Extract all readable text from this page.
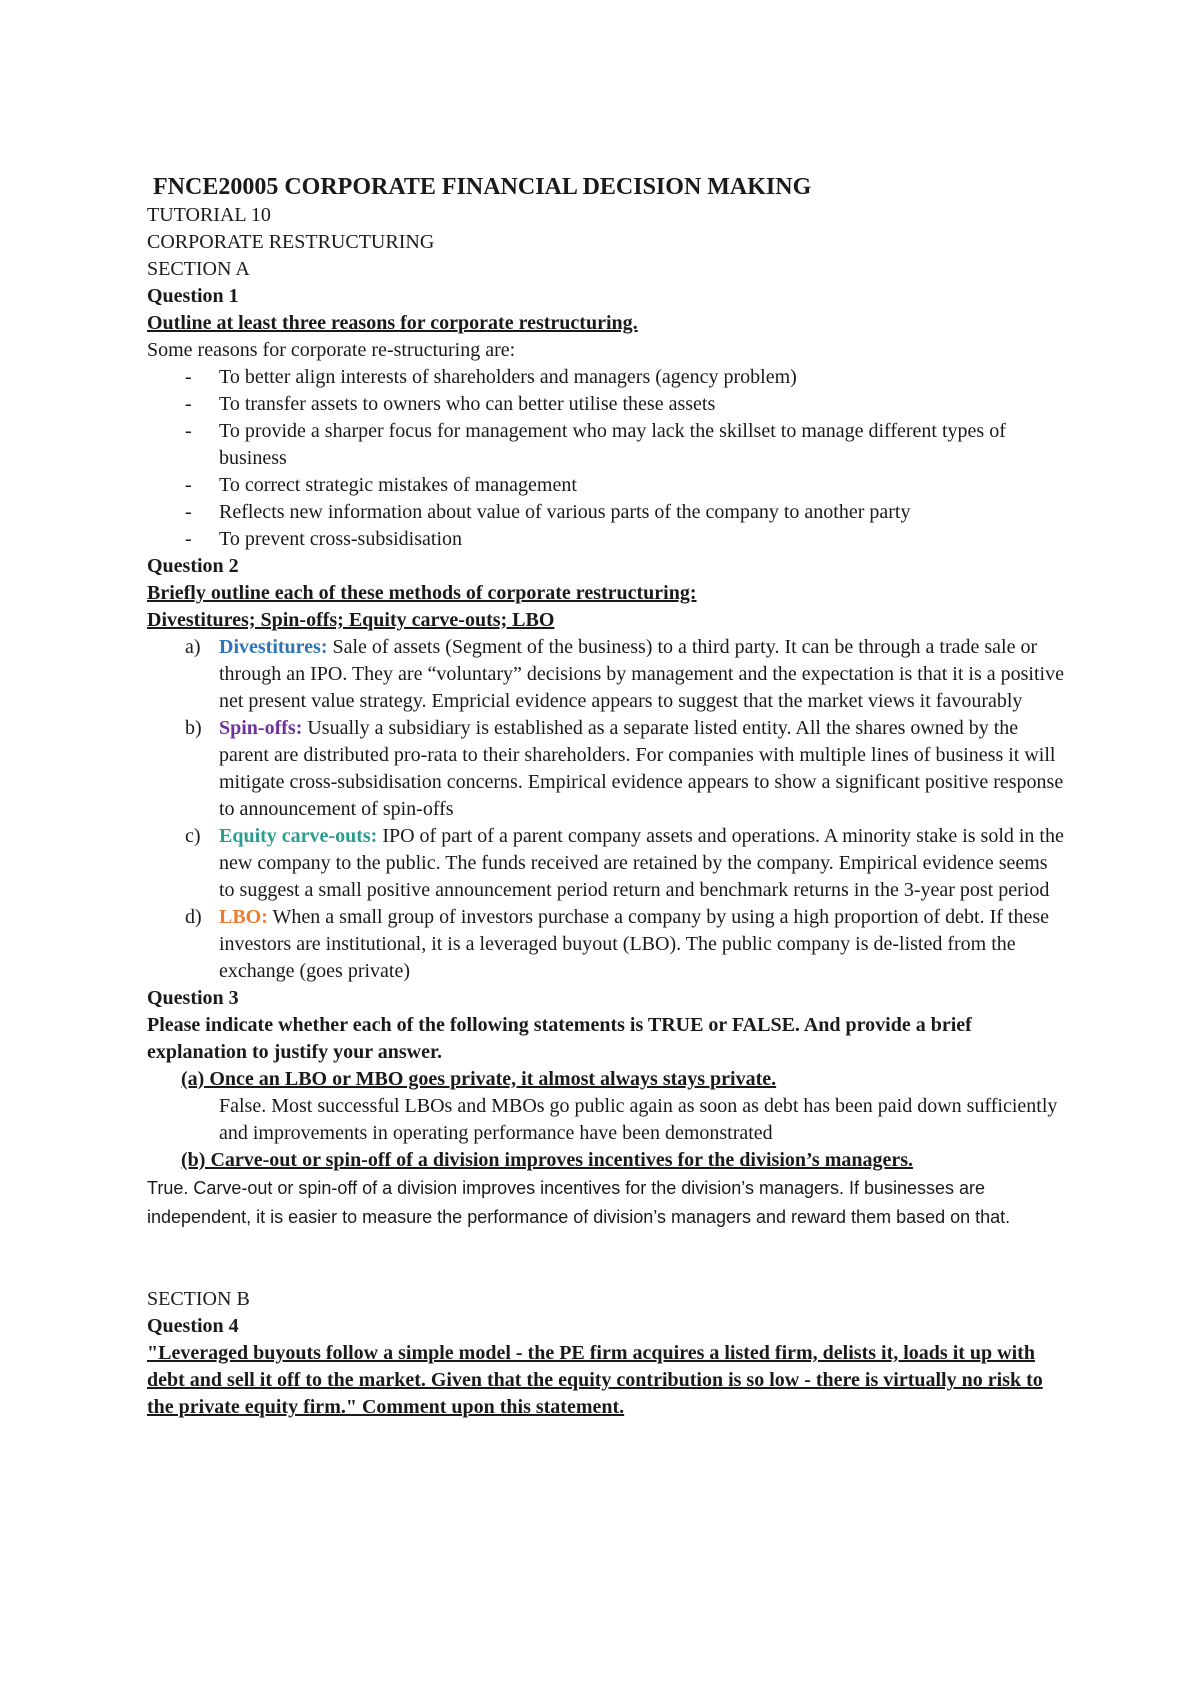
FNCE20005 CORPORATE FINANCIAL DECISION MAKING
TUTORIAL 10
CORPORATE RESTRUCTURING
SECTION A
Question 1
Outline at least three reasons for corporate restructuring.
Some reasons for corporate re-structuring are:
- To better align interests of shareholders and managers (agency problem)
- To transfer assets to owners who can better utilise these assets
- To provide a sharper focus for management who may lack the skillset to manage different types of business
- To correct strategic mistakes of management
- Reflects new information about value of various parts of the company to another party
- To prevent cross-subsidisation
Question 2
Briefly outline each of these methods of corporate restructuring:
Divestitures; Spin-offs; Equity carve-outs; LBO
a) Divestitures: Sale of assets (Segment of the business) to a third party. It can be through a trade sale or through an IPO. They are “voluntary” decisions by management and the expectation is that it is a positive net present value strategy. Empricial evidence appears to suggest that the market views it favourably
b) Spin-offs: Usually a subsidiary is established as a separate listed entity. All the shares owned by the parent are distributed pro-rata to their shareholders. For companies with multiple lines of business it will mitigate cross-subsidisation concerns. Empirical evidence appears to show a significant positive response to announcement of spin-offs
c) Equity carve-outs: IPO of part of a parent company assets and operations. A minority stake is sold in the new company to the public. The funds received are retained by the company. Empirical evidence seems to suggest a small positive announcement period return and benchmark returns in the 3-year post period
d) LBO: When a small group of investors purchase a company by using a high proportion of debt. If these investors are institutional, it is a leveraged buyout (LBO). The public company is de-listed from the exchange (goes private)
Question 3
Please indicate whether each of the following statements is TRUE or FALSE. And provide a brief explanation to justify your answer.
(a) Once an LBO or MBO goes private, it almost always stays private.
False. Most successful LBOs and MBOs go public again as soon as debt has been paid down sufficiently and improvements in operating performance have been demonstrated
(b) Carve-out or spin-off of a division improves incentives for the division’s managers.
True. Carve-out or spin-off of a division improves incentives for the division’s managers. If businesses are independent, it is easier to measure the performance of division’s managers and reward them based on that.
SECTION B
Question 4
"Leveraged buyouts follow a simple model - the PE firm acquires a listed firm, delists it, loads it up with debt and sell it off to the market. Given that the equity contribution is so low - there is virtually no risk to the private equity firm." Comment upon this statement.
